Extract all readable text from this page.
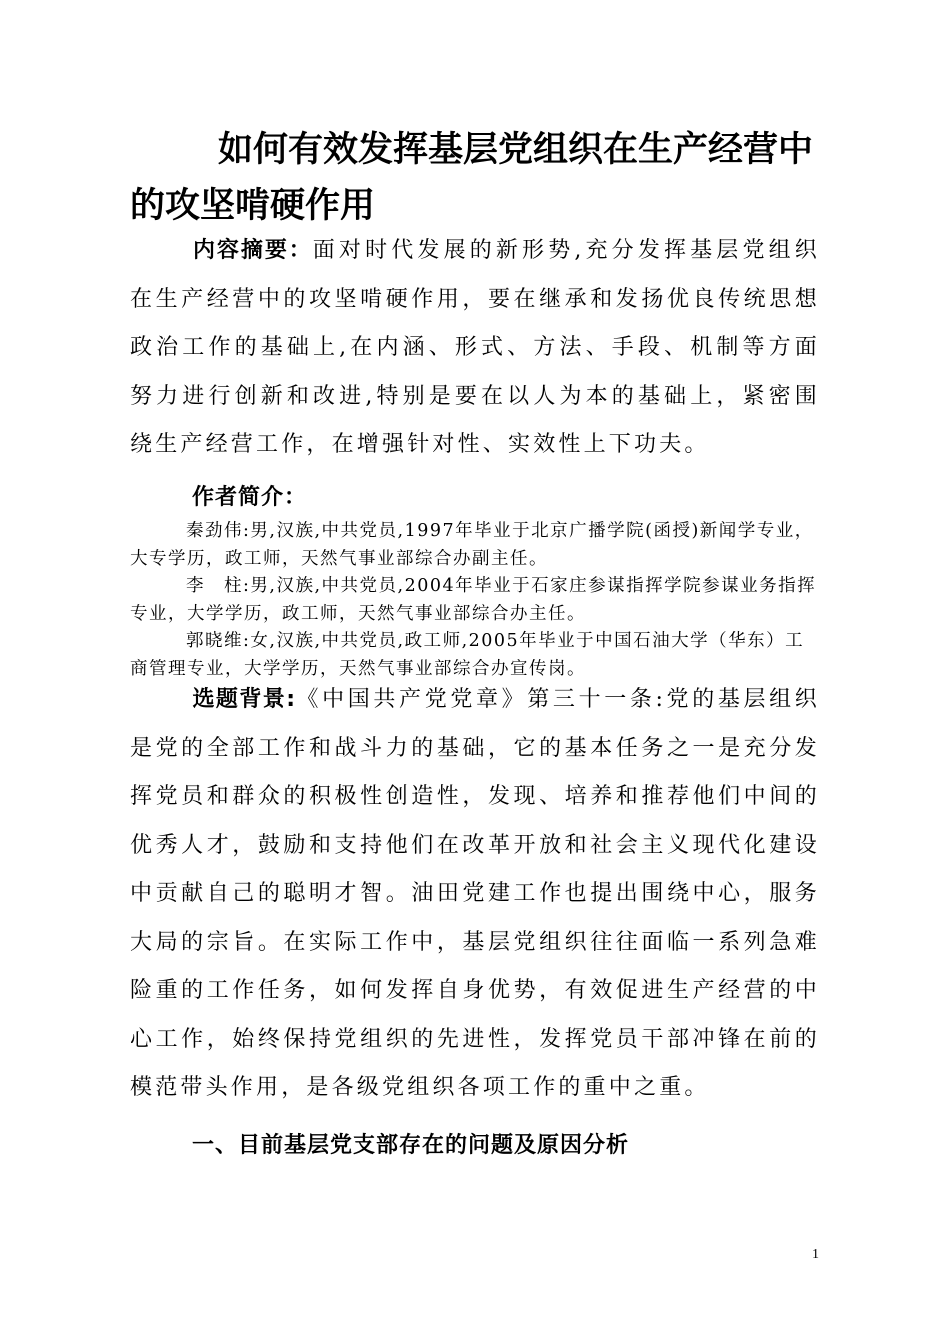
如何有效发挥基层党组织在生产经营中
的攻坚啃硬作用

内容摘要：面对时代发展的新形势,充分发挥基层党组织在生产经营中的攻坚啃硬作用，要在继承和发扬优良传统思想政治工作的基础上,在内涵、形式、方法、手段、机制等方面努力进行创新和改进,特别是要在以人为本的基础上，紧密围绕生产经营工作，在增强针对性、实效性上下功夫。

作者简介：

秦劲伟:男,汉族,中共党员,1997年毕业于北京广播学院(函授)新闻学专业，大专学历，政工师，天然气事业部综合办副主任。

李　柱:男,汉族,中共党员,2004年毕业于石家庄参谋指挥学院参谋业务指挥专业，大学学历，政工师，天然气事业部综合办主任。

郭晓维:女,汉族,中共党员,政工师,2005年毕业于中国石油大学（华东）工商管理专业，大学学历，天然气事业部综合办宣传岗。

选题背景:《中国共产党党章》第三十一条:党的基层组织是党的全部工作和战斗力的基础，它的基本任务之一是充分发挥党员和群众的积极性创造性，发现、培养和推荐他们中间的优秀人才，鼓励和支持他们在改革开放和社会主义现代化建设中贡献自己的聪明才智。油田党建工作也提出围绕中心，服务大局的宗旨。在实际工作中，基层党组织往往面临一系列急难险重的工作任务，如何发挥自身优势，有效促进生产经营的中心工作，始终保持党组织的先进性，发挥党员干部冲锋在前的模范带头作用，是各级党组织各项工作的重中之重。

一、目前基层党支部存在的问题及原因分析

1
